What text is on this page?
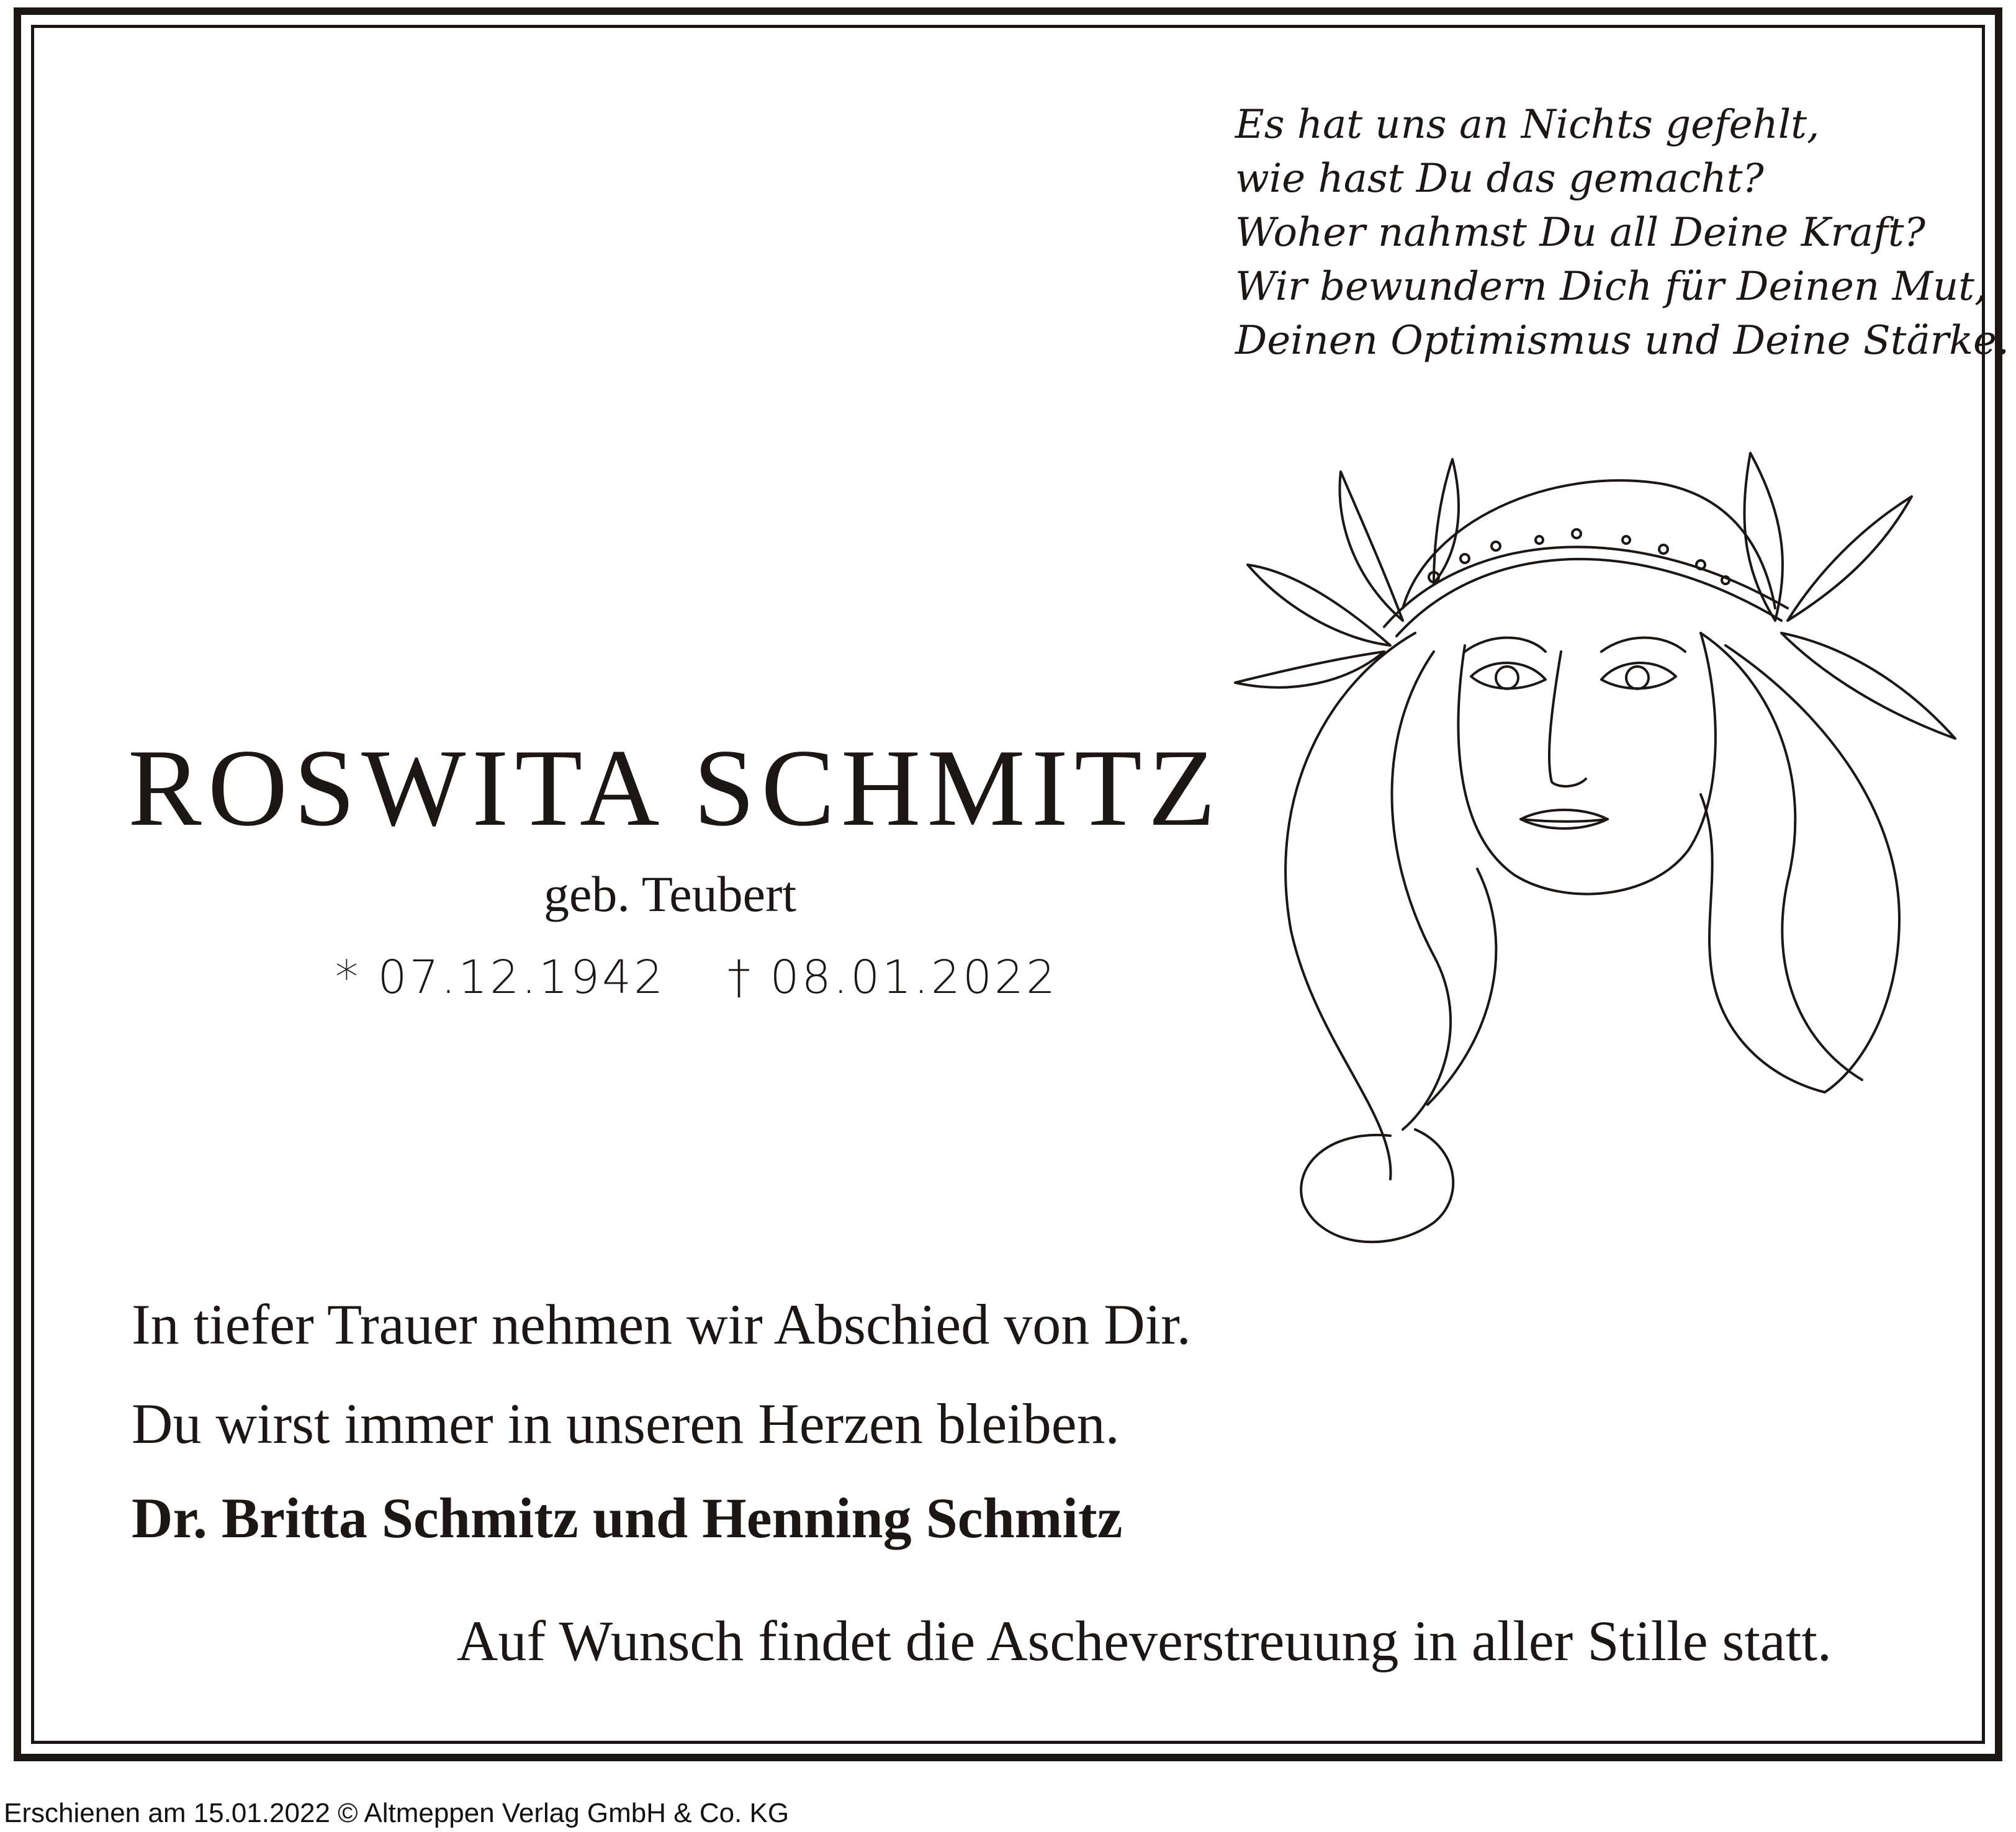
Es hat uns an Nichts gefehlt,
wie hast Du das gemacht?
Woher nahmst Du all Deine Kraft?
Wir bewundern Dich für Deinen Mut,
Deinen Optimismus und Deine Stärke.
ROSWITA SCHMITZ
geb. Teubert
* 07.12.1942 † 08.01.2022
In tiefer Trauer nehmen wir Abschied von Dir.
Du wirst immer in unseren Herzen bleiben.
Dr. Britta Schmitz und Henning Schmitz
Auf Wunsch findet die Ascheverstreuung in aller Stille statt.
Erschienen am 15.01.2022 © Altmeppen Verlag GmbH & Co. KG
